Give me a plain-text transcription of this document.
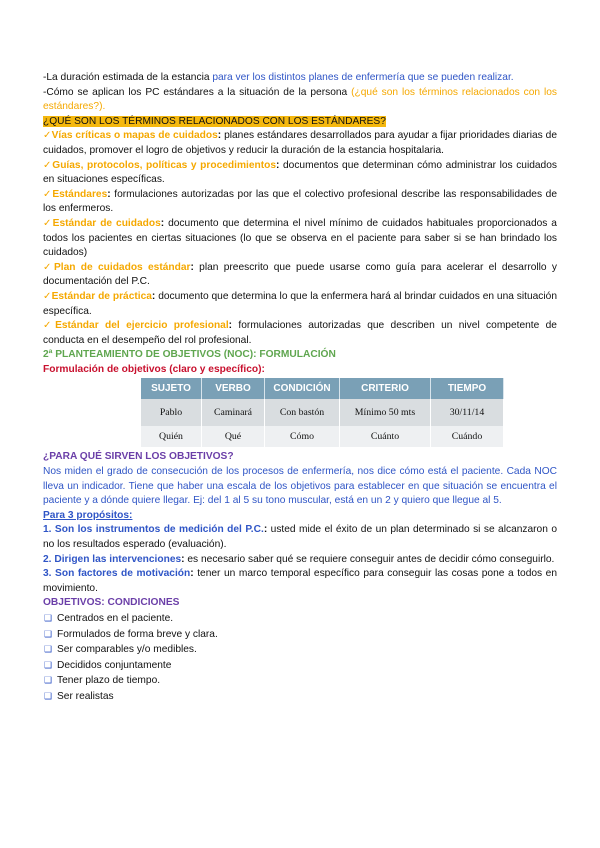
-La duración estimada de la estancia para ver los distintos planes de enfermería que se pueden realizar.

-Cómo se aplican los PC estándares a la situación de la persona (¿qué son los términos relacionados con los estándares?).

¿QUÉ SON LOS TÉRMINOS RELACIONADOS CON LOS ESTÁNDARES?

✓Vías críticas o mapas de cuidados: planes estándares desarrollados para ayudar a fijar prioridades diarias de cuidados, promover el logro de objetivos y reducir la duración de la estancia hospitalaria.

✓Guías, protocolos, políticas y procedimientos: documentos que determinan cómo administrar los cuidados en situaciones específicas.

✓Estándares: formulaciones autorizadas por las que el colectivo profesional describe las responsabilidades de los enfermeros.

✓Estándar de cuidados: documento que determina el nivel mínimo de cuidados habituales proporcionados a todos los pacientes en ciertas situaciones (lo que se observa en el paciente para saber si se han brindado los cuidados)

✓Plan de cuidados estándar: plan preescrito que puede usarse como guía para acelerar el desarrollo y documentación del P.C.

✓Estándar de práctica: documento que determina lo que la enfermera hará al brindar cuidados en una situación específica.

✓Estándar del ejercicio profesional: formulaciones autorizadas que describen un nivel competente de conducta en el desempeño del rol profesional.

2ª PLANTEAMIENTO DE OBJETIVOS (NOC): FORMULACIÓN

Formulación de objetivos (claro y específico):

SUJETO	VERBO	CONDICIÓN	CRITERIO	TIEMPO
Pablo	Caminará	Con bastón	Mínimo 50 mts	30/11/14
Quién	Qué	Cómo	Cuánto	Cuándo

¿PARA QUÉ SIRVEN LOS OBJETIVOS?

Nos miden el grado de consecución de los procesos de enfermería, nos dice cómo está el paciente. Cada NOC lleva un indicador. Tiene que haber una escala de los objetivos para establecer en que situación se encuentra el paciente y a dónde quiere llegar. Ej: del 1 al 5 su tono muscular, está en un 2 y quiero que llegue al 5.

Para 3 propósitos:

1. Son los instrumentos de medición del P.C.: usted mide el éxito de un plan determinado si se alcanzaron o no los resultados esperado (evaluación).

2. Dirigen las intervenciones: es necesario saber qué se requiere conseguir antes de decidir cómo conseguirlo.

3. Son factores de motivación: tener un marco temporal específico para conseguir las cosas pone a todos en movimiento.

OBJETIVOS: CONDICIONES

❑ Centrados en el paciente.

❑ Formulados de forma breve y clara.

❑ Ser comparables y/o medibles.

❑ Decididos conjuntamente

❑ Tener plazo de tiempo.

❑ Ser realistas
